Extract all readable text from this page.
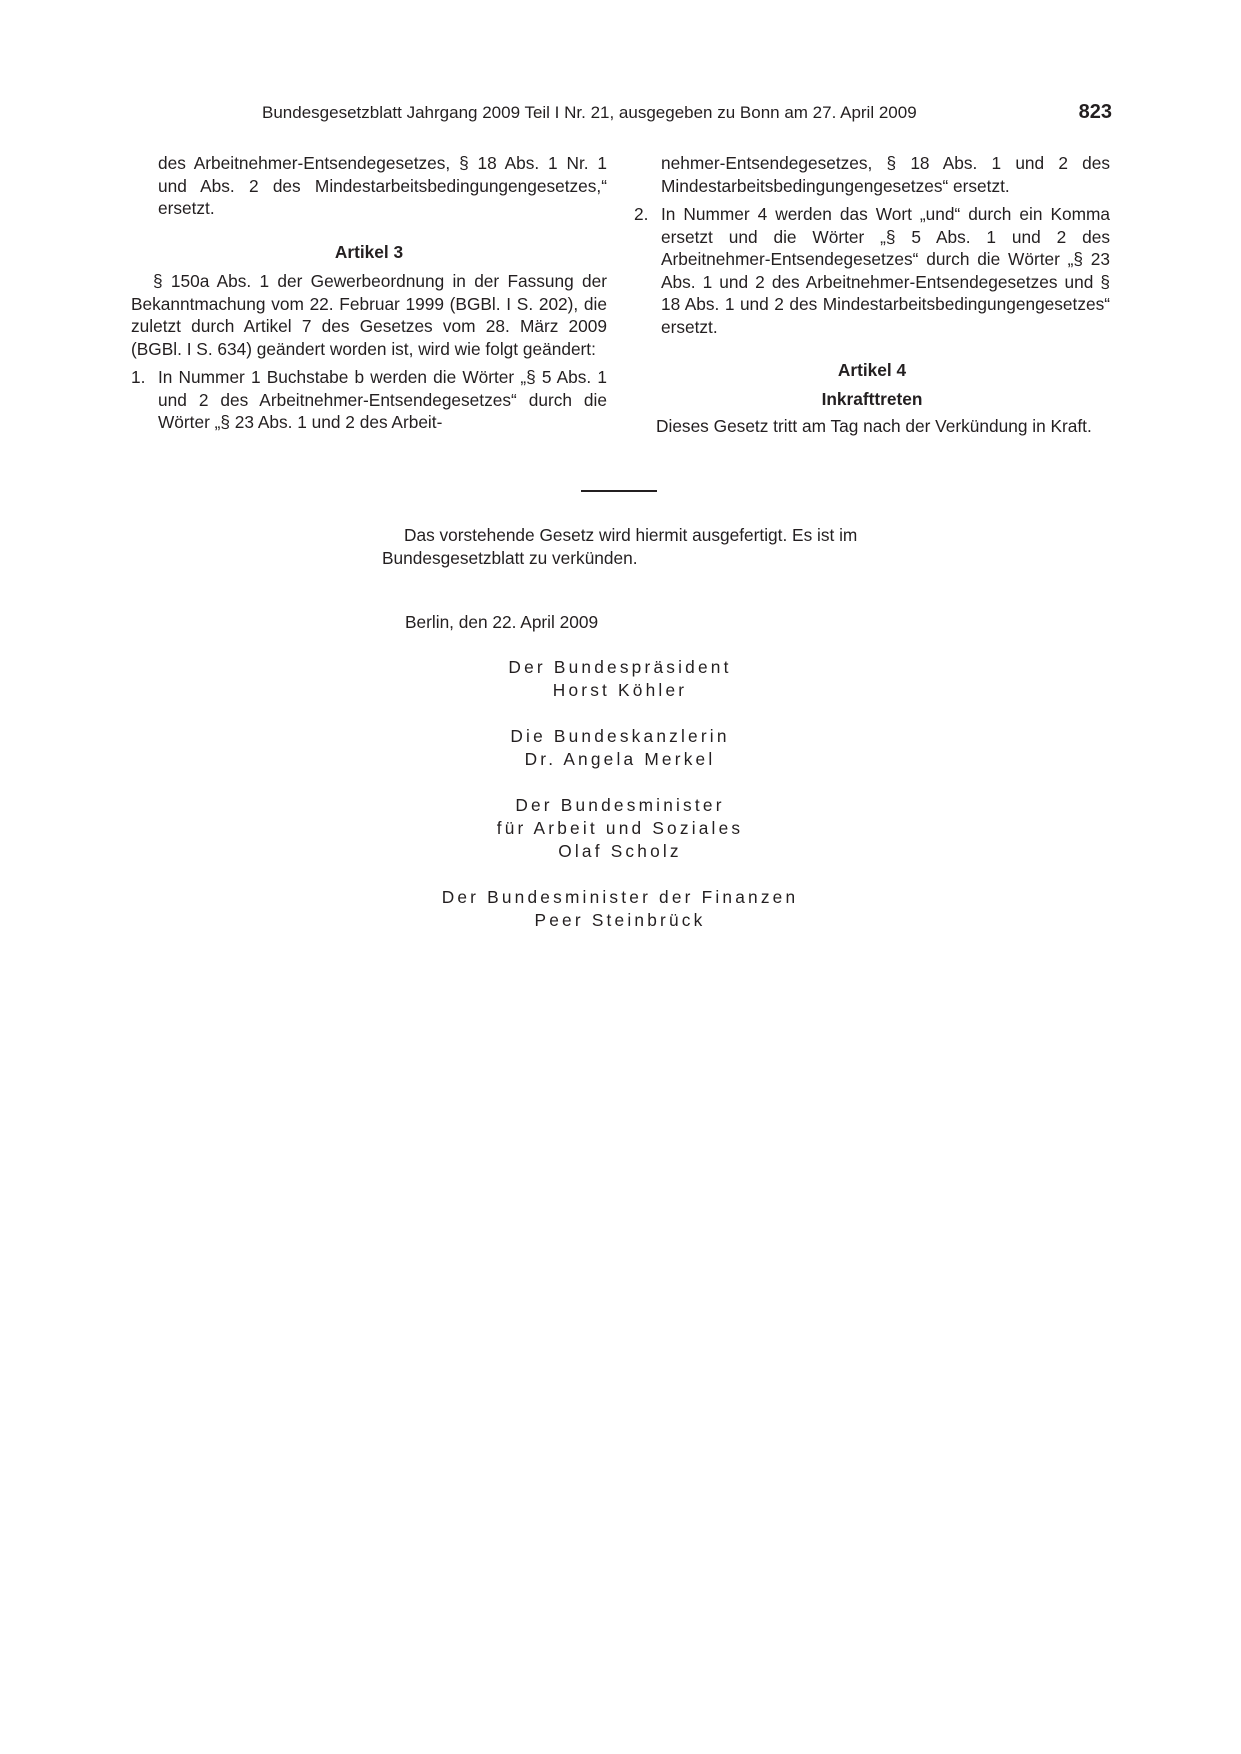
Bundesgesetzblatt Jahrgang 2009 Teil I Nr. 21, ausgegeben zu Bonn am 27. April 2009	823

des Arbeitnehmer-Entsendegesetzes, § 18 Abs. 1 Nr. 1 und Abs. 2 des Mindestarbeitsbedingungengesetzes,“ ersetzt.

Artikel 3

§ 150a Abs. 1 der Gewerbeordnung in der Fassung der Bekanntmachung vom 22. Februar 1999 (BGBl. I S. 202), die zuletzt durch Artikel 7 des Gesetzes vom 28. März 2009 (BGBl. I S. 634) geändert worden ist, wird wie folgt geändert:

1. In Nummer 1 Buchstabe b werden die Wörter „§ 5 Abs. 1 und 2 des Arbeitnehmer-Entsendegesetzes“ durch die Wörter „§ 23 Abs. 1 und 2 des Arbeit-

nehmer-Entsendegesetzes, § 18 Abs. 1 und 2 des Mindestarbeitsbedingungengesetzes“ ersetzt.

2. In Nummer 4 werden das Wort „und“ durch ein Komma ersetzt und die Wörter „§ 5 Abs. 1 und 2 des Arbeitnehmer-Entsendegesetzes“ durch die Wörter „§ 23 Abs. 1 und 2 des Arbeitnehmer-Entsendegesetzes und § 18 Abs. 1 und 2 des Mindestarbeitsbedingungengesetzes“ ersetzt.

Artikel 4

Inkrafttreten

Dieses Gesetz tritt am Tag nach der Verkündung in Kraft.

Das vorstehende Gesetz wird hiermit ausgefertigt. Es ist im Bundesgesetzblatt zu verkünden.

Berlin, den 22. April 2009

Der Bundespräsident
Horst Köhler
Die Bundeskanzlerin
Dr. Angela Merkel
Der Bundesminister
für Arbeit und Soziales
Olaf Scholz
Der Bundesminister der Finanzen
Peer Steinbrück
